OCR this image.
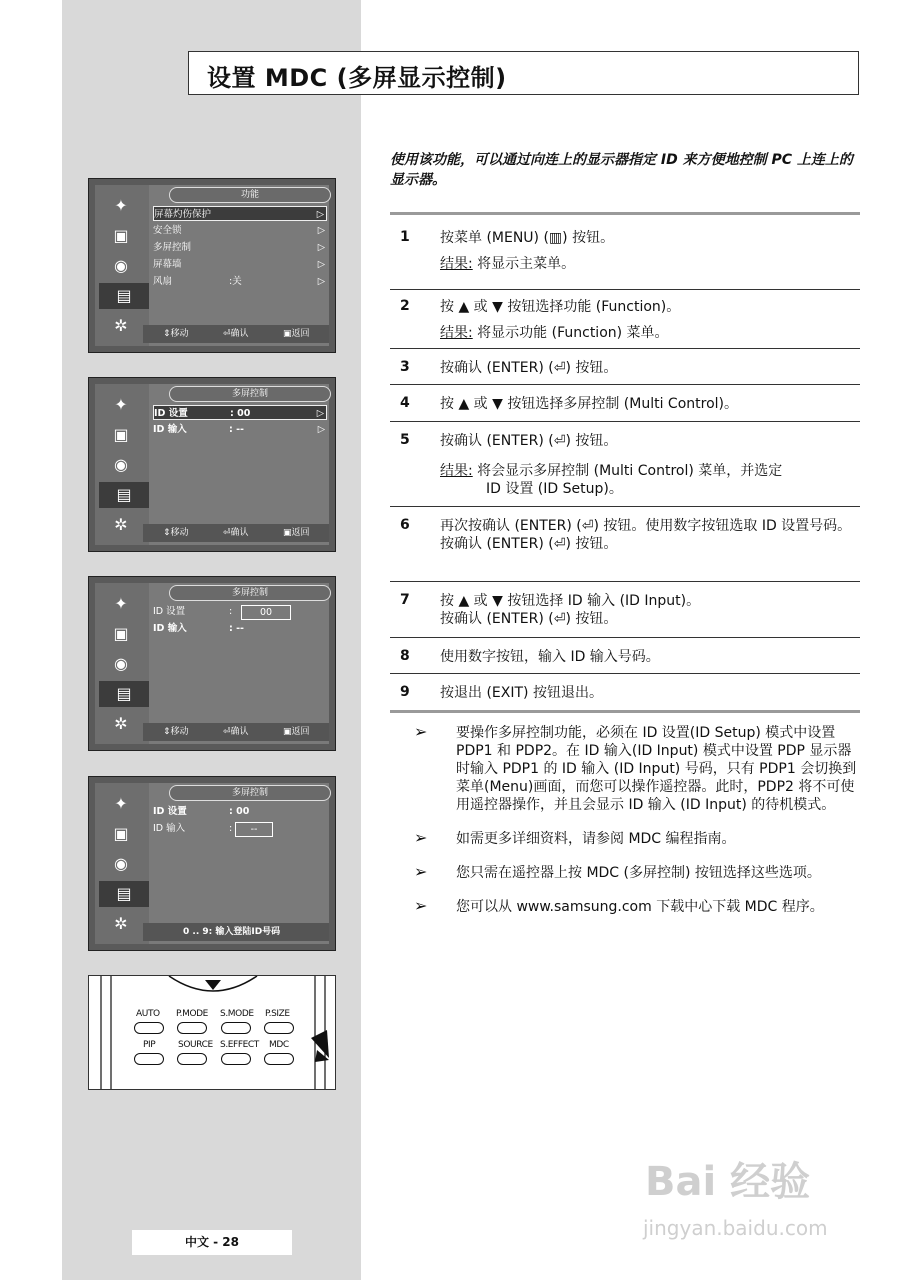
设置 MDC (多屏显示控制)
使用该功能，可以通过向连上的显示器指定 ID 来方便地控制 PC 上连上的显示器。
1 按菜单 (MENU) (▥) 按钮。
结果: 将显示主菜单。
2 按 ▲ 或 ▼ 按钮选择功能 (Function)。
结果: 将显示功能 (Function) 菜单。
3 按确认 (ENTER) (⏎) 按钮。
4 按 ▲ 或 ▼ 按钮选择多屏控制 (Multi Control)。
5 按确认 (ENTER) (⏎) 按钮。
结果: 将会显示多屏控制 (Multi Control) 菜单，并选定
ID 设置 (ID Setup)。
6 再次按确认 (ENTER) (⏎) 按钮。使用数字按钮选取 ID 设置号码。
按确认 (ENTER) (⏎) 按钮。
7 按 ▲ 或 ▼ 按钮选择 ID 输入 (ID Input)。
按确认 (ENTER) (⏎) 按钮。
8 使用数字按钮，输入 ID 输入号码。
9 按退出 (EXIT) 按钮退出。
➢ 要操作多屏控制功能，必须在 ID 设置(ID Setup) 模式中设置 PDP1 和 PDP2。在 ID 输入(ID Input) 模式中设置 PDP 显示器时输入 PDP1 的 ID 输入 (ID Input) 号码，只有 PDP1 会切换到菜单(Menu)画面，而您可以操作遥控器。此时，PDP2 将不可使用遥控器操作，并且会显示 ID 输入 (ID Input) 的待机模式。
➢ 如需更多详细资料，请参阅 MDC 编程指南。
➢ 您只需在遥控器上按 MDC (多屏控制) 按钮选择这些选项。
➢ 您可以从 www.samsung.com 下载中心下载 MDC 程序。
✦
▣
◉
▤
✲
功能
屏幕灼伤保护	▷
安全锁	▷
多屏控制	▷
屏幕墙	▷
风扇	:关	▷
⇕移动	⏎确认	▣返回
✦
▣
◉
▤
✲
多屏控制
ID 设置	: 00	▷
ID 输入	: --	▷
⇕移动	⏎确认	▣返回
✦
▣
◉
▤
✲
多屏控制
ID 设置	:	00
ID 输入	: --
⇕移动	⏎确认	▣返回
✦
▣
◉
▤
✲
多屏控制
ID 设置	: 00
ID 输入	:	--
0 .. 9: 输入登陆ID号码
AUTO P.MODE S.MODE P.SIZE
PIP	SOURCE S.EFFECT MDC
中文 - 28
Bai 经验
jingyan.baidu.com
